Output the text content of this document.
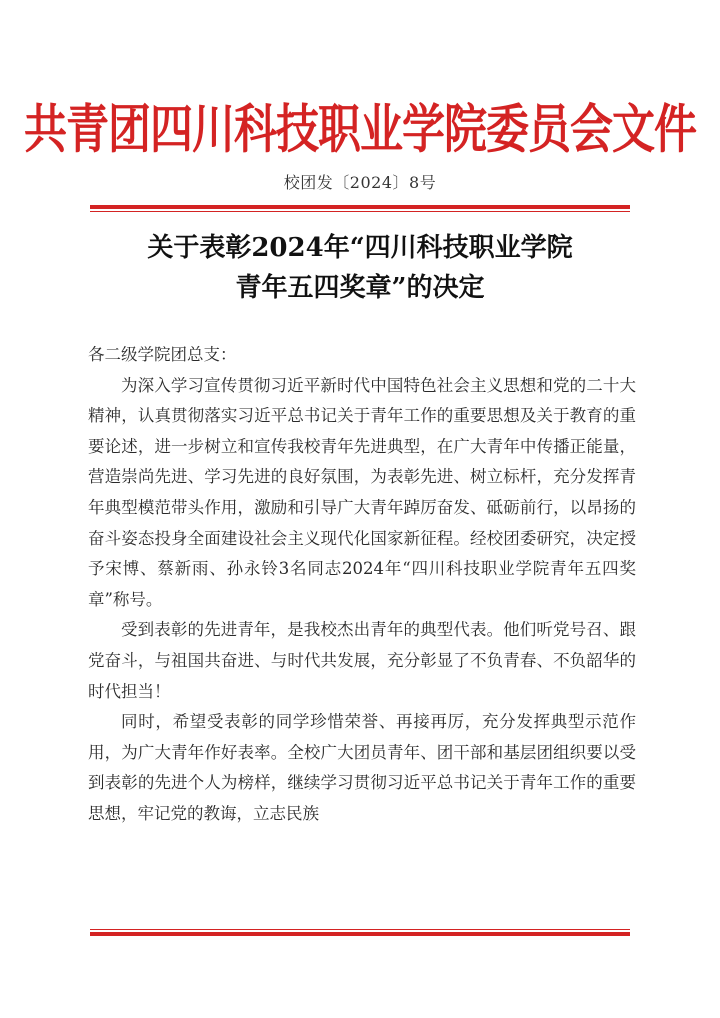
共青团四川科技职业学院委员会文件
校团发〔2024〕8号
关于表彰2024年“四川科技职业学院
青年五四奖章”的决定

各二级学院团总支：

为深入学习宣传贯彻习近平新时代中国特色社会主义思想和党的二十大精神，认真贯彻落实习近平总书记关于青年工作的重要思想及关于教育的重要论述，进一步树立和宣传我校青年先进典型，在广大青年中传播正能量，营造崇尚先进、学习先进的良好氛围，为表彰先进、树立标杆，充分发挥青年典型模范带头作用，激励和引导广大青年踔厉奋发、砥砺前行，以昂扬的奋斗姿态投身全面建设社会主义现代化国家新征程。经校团委研究，决定授予宋博、蔡新雨、孙永铃3名同志2024年“四川科技职业学院青年五四奖章”称号。

受到表彰的先进青年，是我校杰出青年的典型代表。他们听党号召、跟党奋斗，与祖国共奋进、与时代共发展，充分彰显了不负青春、不负韶华的时代担当！

同时，希望受表彰的同学珍惜荣誉、再接再厉，充分发挥典型示范作用，为广大青年作好表率。全校广大团员青年、团干部和基层团组织要以受到表彰的先进个人为榜样，继续学习贯彻习近平总书记关于青年工作的重要思想，牢记党的教诲，立志民族
